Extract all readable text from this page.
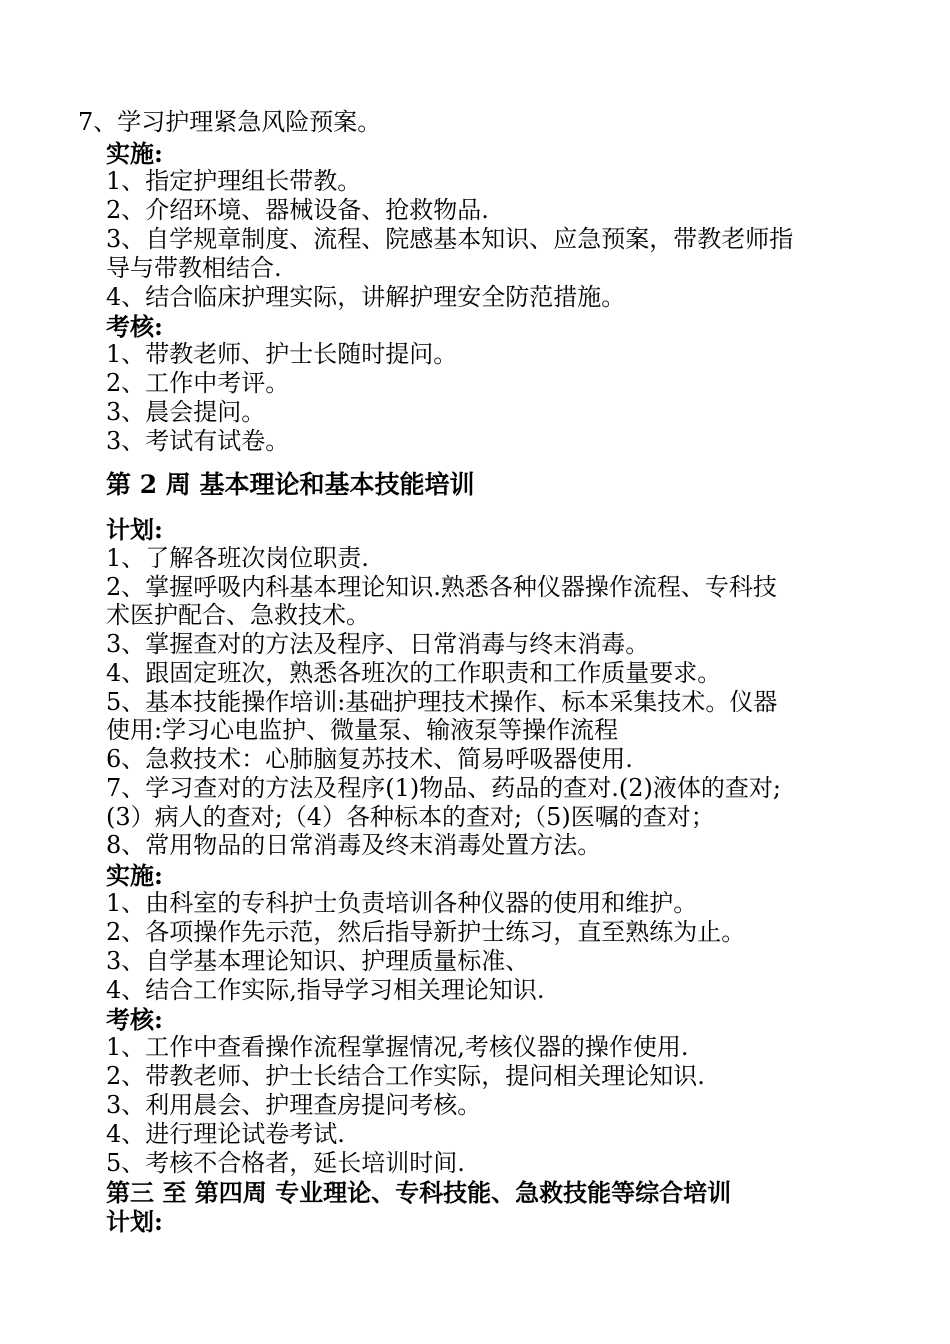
7、学习护理紧急风险预案。
实施:
1、指定护理组长带教。
2、介绍环境、器械设备、抢救物品.
3、自学规章制度、流程、院感基本知识、应急预案，带教老师指
导与带教相结合.
4、结合临床护理实际，讲解护理安全防范措施。
考核:
1、带教老师、护士长随时提问。
2、工作中考评。
3、晨会提问。
3、考试有试卷。
第 2 周 基本理论和基本技能培训
计划:
1、了解各班次岗位职责.
2、掌握呼吸内科基本理论知识.熟悉各种仪器操作流程、专科技
术医护配合、急救技术。
3、掌握查对的方法及程序、日常消毒与终末消毒。
4、跟固定班次，熟悉各班次的工作职责和工作质量要求。
5、基本技能操作培训:基础护理技术操作、标本采集技术。仪器
使用:学习心电监护、微量泵、输液泵等操作流程
6、急救技术：心肺脑复苏技术、简易呼吸器使用.
7、学习查对的方法及程序(1)物品、药品的查对.(2)液体的查对;
(3）病人的查对;（4）各种标本的查对;（5)医嘱的查对；
8、常用物品的日常消毒及终末消毒处置方法。
实施:
1、由科室的专科护士负责培训各种仪器的使用和维护。
2、各项操作先示范，然后指导新护士练习，直至熟练为止。
3、自学基本理论知识、护理质量标准、
4、结合工作实际,指导学习相关理论知识.
考核:
1、工作中查看操作流程掌握情况,考核仪器的操作使用.
2、带教老师、护士长结合工作实际，提问相关理论知识.
3、利用晨会、护理查房提问考核。
4、进行理论试卷考试.
5、考核不合格者，延长培训时间.
第三 至 第四周 专业理论、专科技能、急救技能等综合培训
计划:
